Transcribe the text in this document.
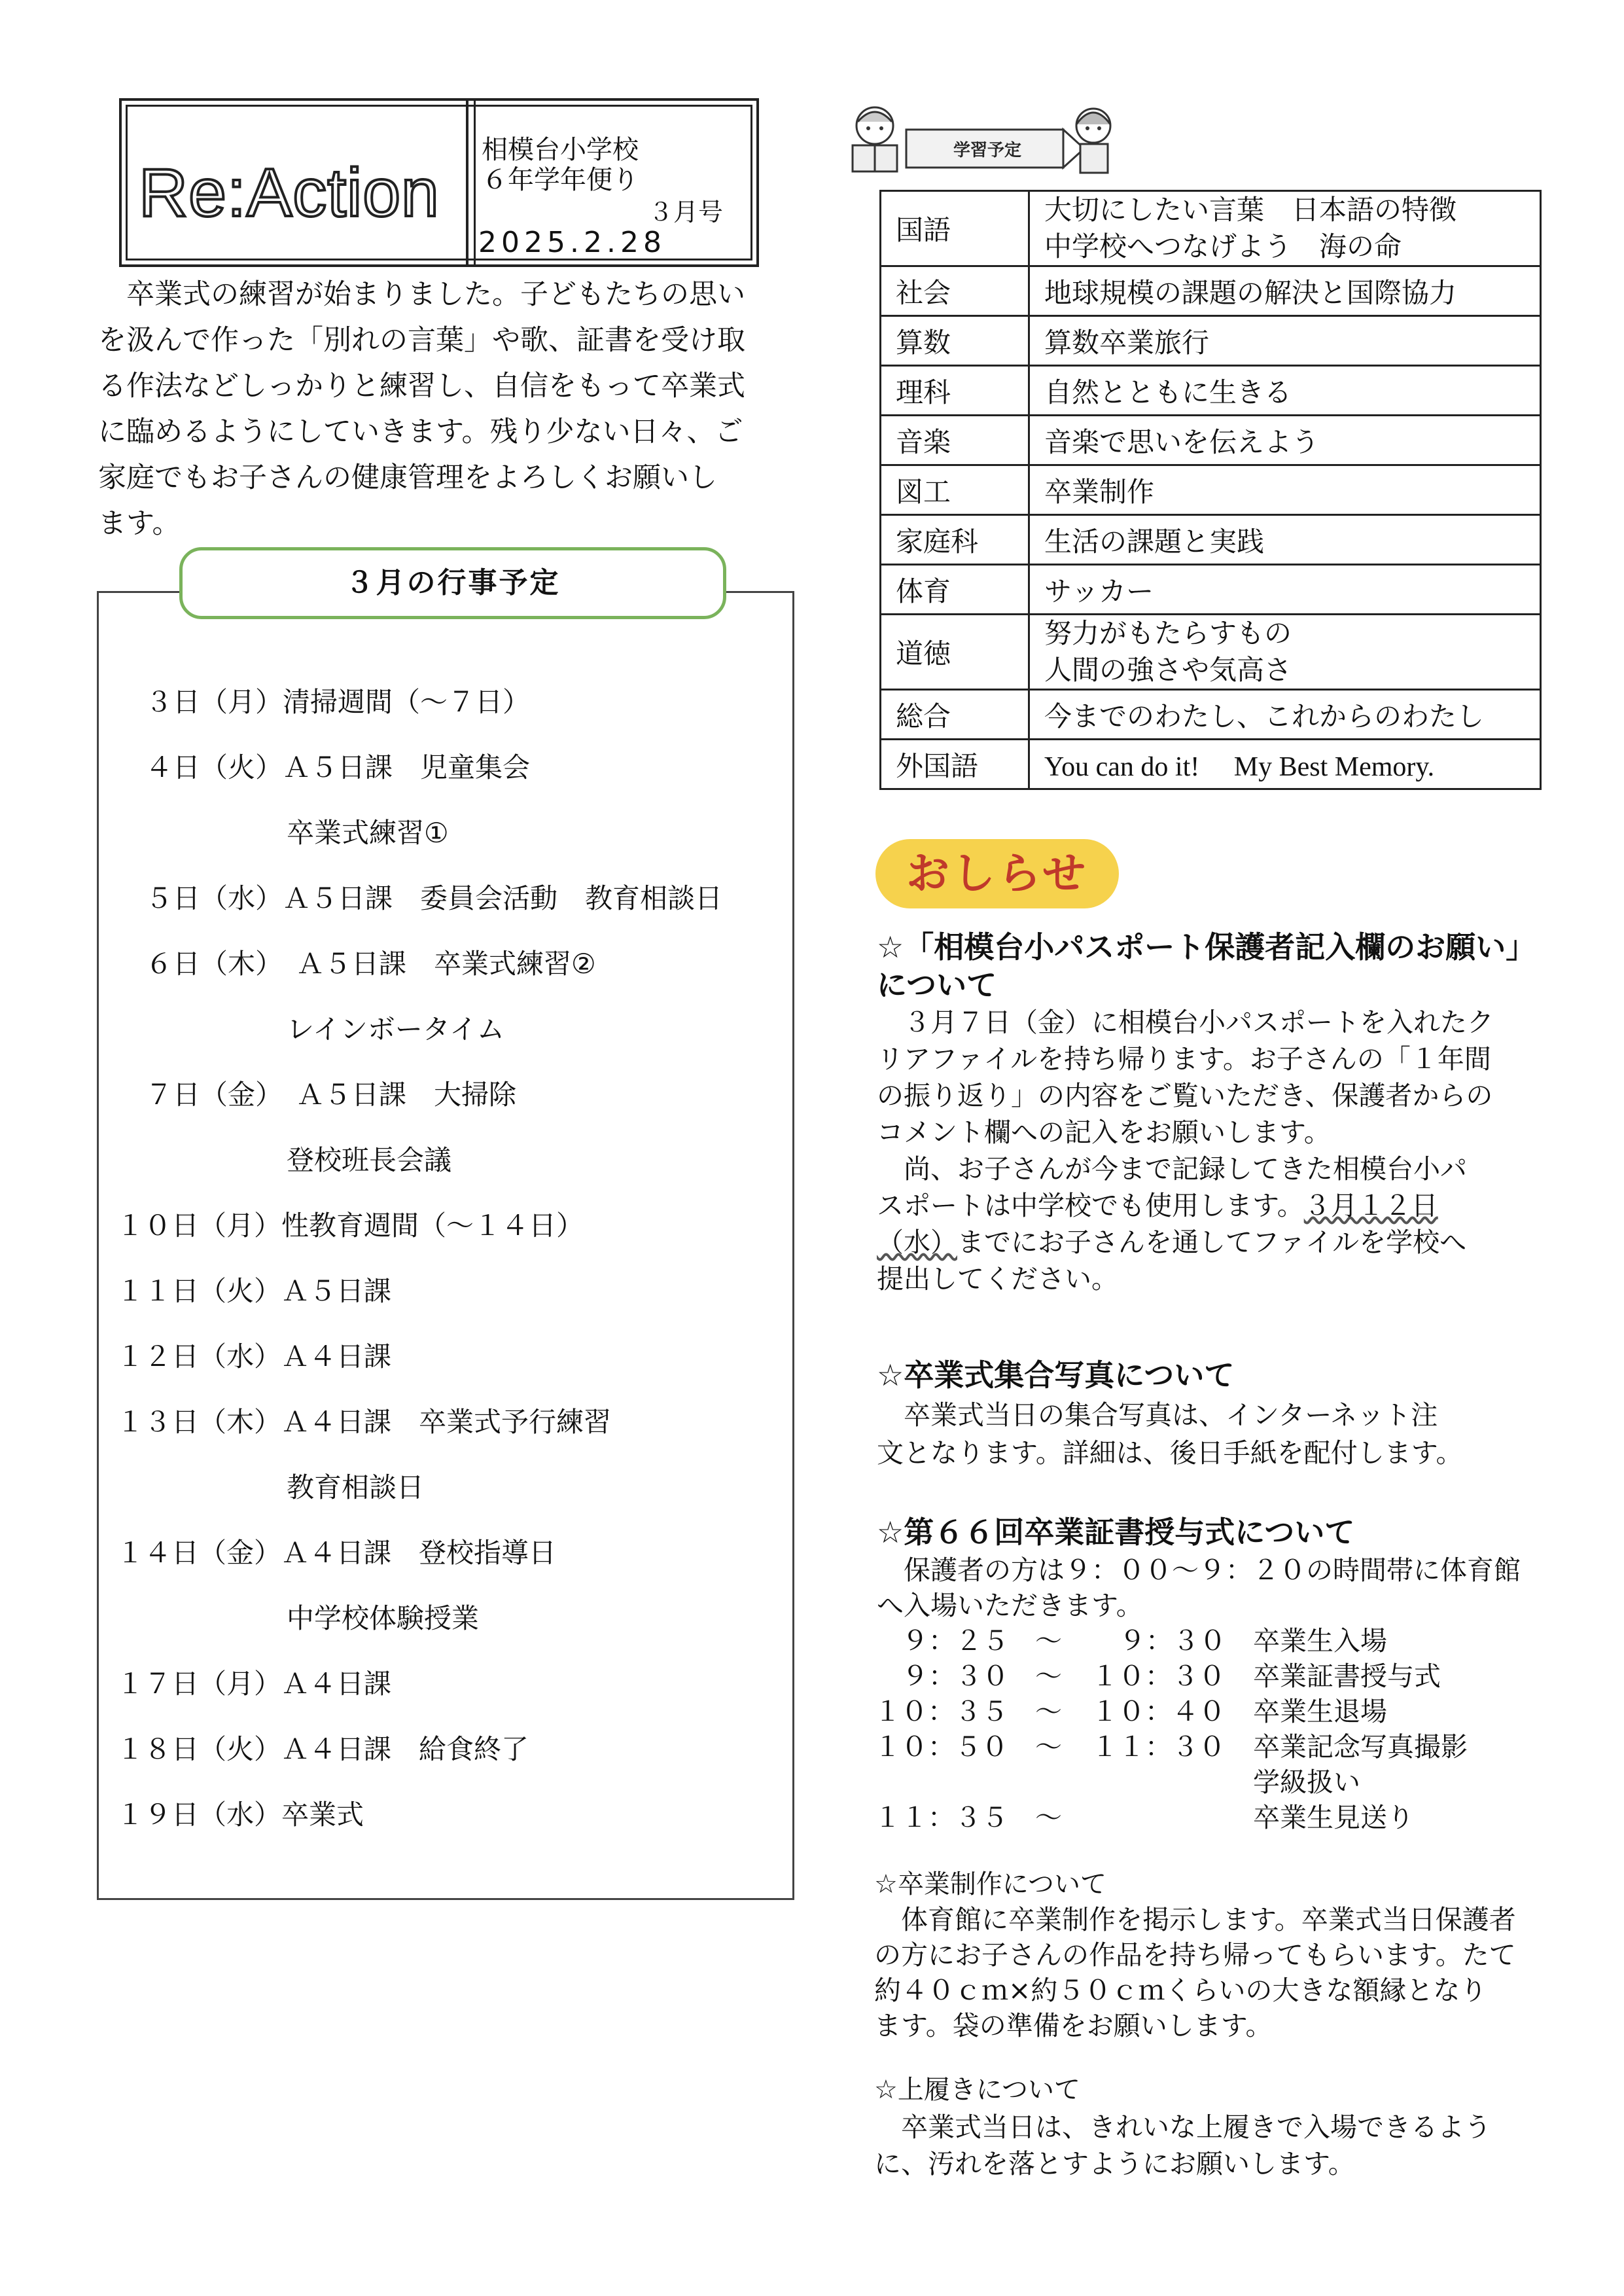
Re:Action
相模台小学校
６年学年便り
３月号
2025.2.28
　卒業式の練習が始まりました。子どもたちの思い
を汲んで作った「別れの言葉」や歌、証書を受け取
る作法などしっかりと練習し、自信をもって卒業式
に臨めるようにしていきます。残り少ない日々、ご
家庭でもお子さんの健康管理をよろしくお願いし
ます。
３月の行事予定
３日（月）清掃週間（～７日）
４日（火）Ａ５日課　児童集会
卒業式練習①
５日（水）Ａ５日課　委員会活動　教育相談日
６日（木）　Ａ５日課　卒業式練習②
レインボータイム
７日（金）　Ａ５日課　大掃除
登校班長会議
１０日（月）性教育週間（～１４日）
１１日（火）Ａ５日課
１２日（水）Ａ４日課
１３日（木）Ａ４日課　卒業式予行練習
教育相談日
１４日（金）Ａ４日課　登校指導日
中学校体験授業
１７日（月）Ａ４日課
１８日（火）Ａ４日課　給食終了
１９日（水）卒業式
学習予定
国語	大切にしたい言葉　日本語の特徴
中学校へつなげよう　海の命

社会	地球規模の課題の解決と国際協力
算数	算数卒業旅行
理科	自然とともに生きる
音楽	音楽で思いを伝えよう
図工	卒業制作
家庭科	生活の課題と実践
体育	サッカー
道徳	努力がもたらすもの
人間の強さや気高さ

総合	今までのわたし、これからのわたし
外国語	You can do it!　 My Best Memory.
おしらせ
☆「相模台小パスポート保護者記入欄のお願い」
について
　３月７日（金）に相模台小パスポートを入れたク
リアファイルを持ち帰ります。お子さんの「１年間
の振り返り」の内容をご覧いただき、保護者からの
コメント欄への記入をお願いします。
　尚、お子さんが今まで記録してきた相模台小パ
スポートは中学校でも使用します。３月１２日
（水）までにお子さんを通してファイルを学校へ
提出してください。
☆卒業式集合写真について
　卒業式当日の集合写真は、インターネット注
文となります。詳細は、後日手紙を配付します。
☆第６６回卒業証書授与式について
　保護者の方は９：００～９：２０の時間帯に体育館
へ入場いただきます。
９：２５ ～ ９：３０ 卒業生入場
９：３０ ～ １０：３０ 卒業証書授与式
１０：３５ ～ １０：４０ 卒業生退場
１０：５０ ～ １１：３０ 卒業記念写真撮影
学級扱い
１１：３５ ～	卒業生見送り
☆卒業制作について
　体育館に卒業制作を掲示します。卒業式当日保護者
の方にお子さんの作品を持ち帰ってもらいます。たて
約４０ｃｍ×約５０ｃｍくらいの大きな額縁となり
ます。袋の準備をお願いします。
☆上履きについて
　卒業式当日は、きれいな上履きで入場できるよう
に、汚れを落とすようにお願いします。
